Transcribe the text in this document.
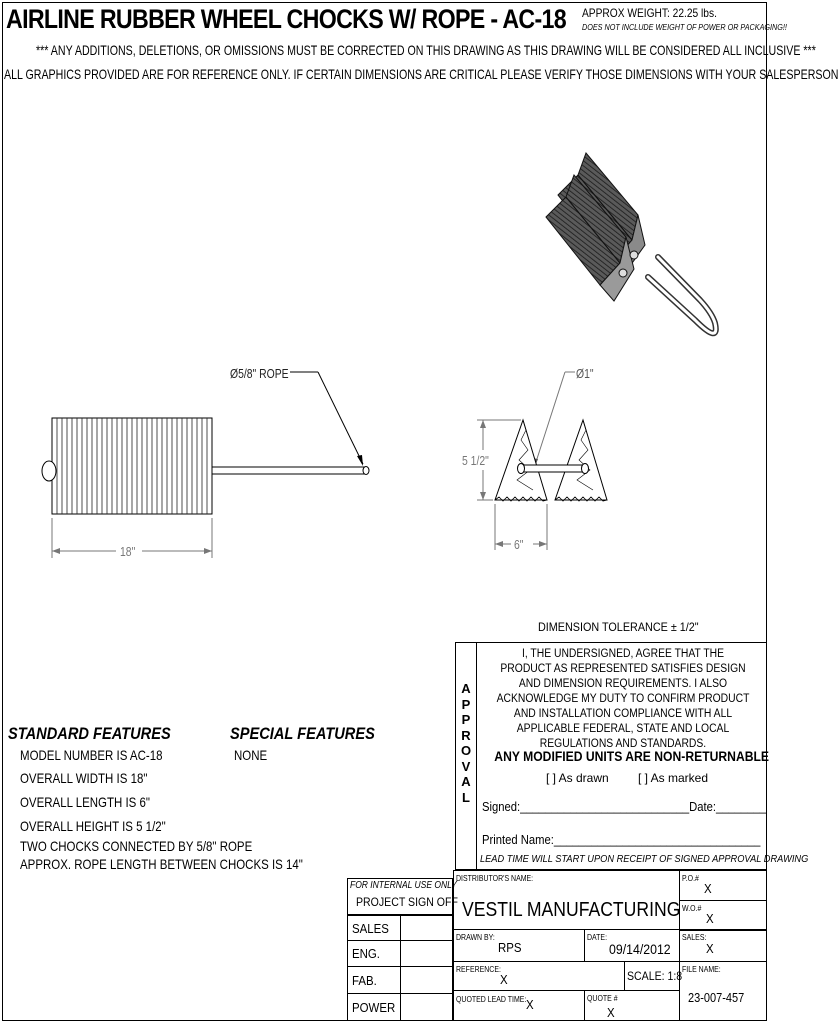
AIRLINE RUBBER WHEEL CHOCKS W/ ROPE - AC-18 APPROX WEIGHT: 22.25 lbs.
DOES NOT INCLUDE WEIGHT OF POWER OR PACKAGING!!
*** ANY ADDITIONS, DELETIONS, OR OMISSIONS MUST BE CORRECTED ON THIS DRAWING AS THIS DRAWING WILL BE CONSIDERED ALL INCLUSIVE ***
ALL GRAPHICS PROVIDED ARE FOR REFERENCE ONLY. IF CERTAIN DIMENSIONS ARE CRITICAL PLEASE VERIFY THOSE DIMENSIONS WITH YOUR SALESPERSON
Ø5/8" ROPE
18"
Ø1"
5 1/2"
6"
DIMENSION TOLERANCE ± 1/2"
A
P
P
R
O
V
A
L
I, THE UNDERSIGNED, AGREE THAT THE PRODUCT AS REPRESENTED SATISFIES DESIGN AND DIMENSION REQUIREMENTS. I ALSO ACKNOWLEDGE MY DUTY TO CONFIRM PRODUCT AND INSTALLATION COMPLIANCE WITH ALL APPLICABLE FEDERAL, STATE AND LOCAL REGULATIONS AND STANDARDS.
ANY MODIFIED UNITS ARE NON-RETURNABLE
[ ] As drawn [ ] As marked
Signed:___________________________Date:________
Printed Name:_________________________________
LEAD TIME WILL START UPON RECEIPT OF SIGNED APPROVAL DRAWING
STANDARD FEATURES	SPECIAL FEATURES
MODEL NUMBER IS AC-18
OVERALL WIDTH IS 18"
OVERALL LENGTH IS 6"
OVERALL HEIGHT IS 5 1/2"
TWO CHOCKS CONNECTED BY 5/8" ROPE
APPROX. ROPE LENGTH BETWEEN CHOCKS IS 14"
NONE
FOR INTERNAL USE ONLY
PROJECT SIGN OFF
SALES
ENG.
FAB.
POWER
DISTRIBUTOR'S NAME:
VESTIL MANUFACTURING
P.O.#
X
W.O.#
X
DRAWN BY:
RPS
DATE:
09/14/2012
SALES:
X
REFERENCE:
X	SCALE: 1:8 FILE NAME:
23-007-457
QUOTED LEAD TIME: X	QUOTE #
X
